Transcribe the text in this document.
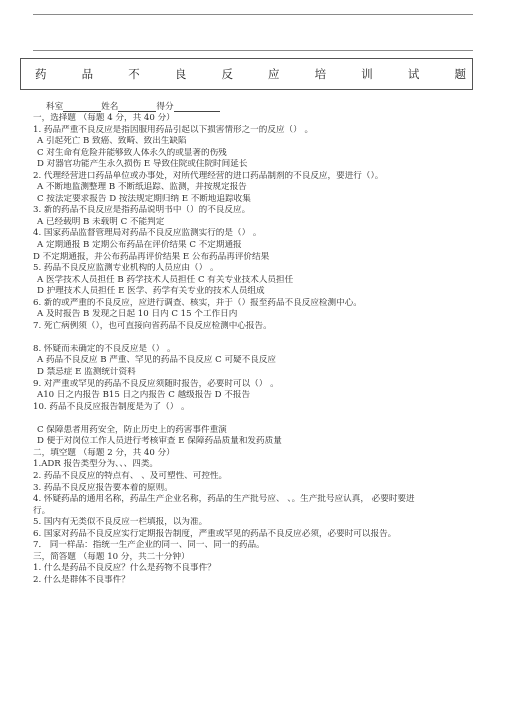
药	品	不	良	反	应	培	训	试	题
科室	姓名	得分
一，选择题 （每题 4 分，共 40 分）
1. 药品严重不良反应是指因服用药品引起以下损害情形之一的反应（） 。
A 引起死亡 B 致癌、致畸、致出生缺陷
C 对生命有危险并能够致人体永久的或显著的伤残
D 对器官功能产生永久损伤 E 导致住院或住院时间延长
2. 代理经营进口药品单位或办事处，对所代理经营的进口药品制剂的不良反应，要进行（）。
A 不断地监测整理 B 不断纸追踪、监测，并按规定报告
C 按法定要求报告 D 按法规定期归纳 E 不断地追踪收集
3. 新的药品不良反应是指药品说明书中（）的不良反应。
A 已经载明 B 未载明 C 不能判定
4. 国家药品监督管理局对药品不良反应监测实行的是（） 。
A 定期通报 B 定期公布药品在评价结果 C 不定期通报
D 不定期通报，并公布药品再评价结果 E 公布药品再评价结果
5. 药品不良反应监测专业机构的人员应由（） 。
A 医学技术人员担任 B 药学技术人员担任 C 有关专业技术人员担任
D 护理技术人员担任 E 医学、药学有关专业的技术人员组成
6. 新的或严重的不良反应，应进行调查、核实，并于（）报至药品不良反应检测中心。
A 及时报告 B 发现之日起 10 日内 C 15 个工作日内
7. 死亡病例须（），也可直接向省药品不良反应检测中心报告。
8. 怀疑而未确定的不良反应是（） 。
A 药品不良反应 B 严重、罕见的药品不良反应 C 可疑不良反应
D 禁忌症 E 监测统计资料
9. 对严重或罕见的药品不良反应须随时报告，必要时可以（） 。
A10 日之内报告 B15 日之内报告 C 越级报告 D 不报告
10. 药品不良反应报告制度是为了（） 。
C 保障患者用药安全，防止历史上的药害事件重演
D 便于对岗位工作人员进行考核审查 E 保障药品质量和发药质量
二，填空题 （每题 2 分，共 40 分）
1.ADR 报告类型分为、、、四类。
2. 药品不良反应的特点有、 、及可塑性、可控性。
3. 药品不良反应报告要本着的原则。
4. 怀疑药品的通用名称，药品生产企业名称，药品的生产批号应、 、。生产批号应认真， 必要时要进
行。
5. 国内有无类似不良反应一栏填报，以为准。
6. 国家对药品不良反应实行定期报告制度，严重或罕见的药品不良反应必须，必要时可以报告。
7． 同一样品：指统一生产企业的同一、同一、同一的药品。
三，简答题 （每题 10 分，共二十分钟）
1. 什么是药品不良反应？什么是药物不良事件？
2. 什么是群体不良事件？
